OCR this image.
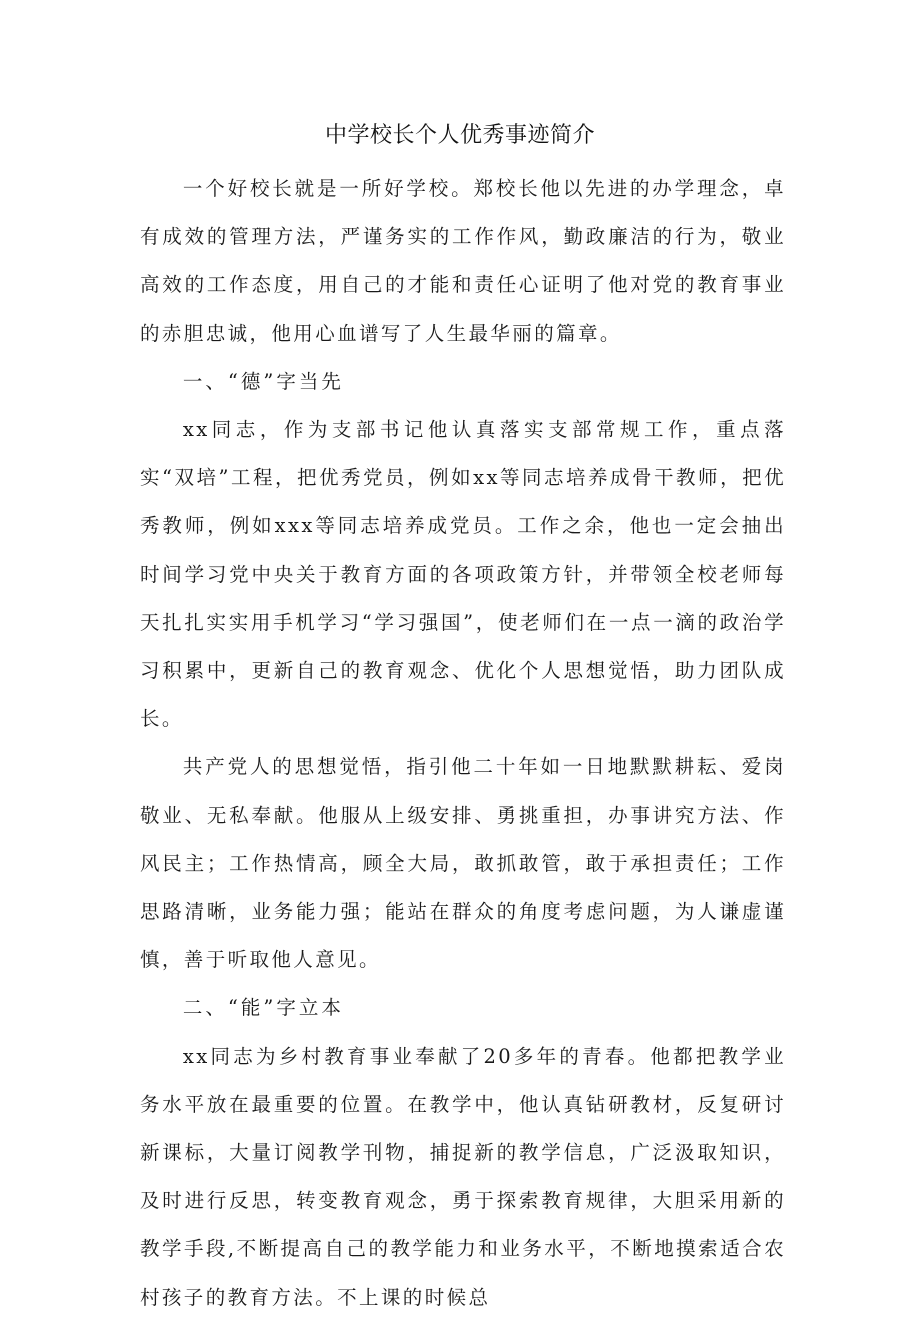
中学校长个人优秀事迹简介

一个好校长就是一所好学校。郑校长他以先进的办学理念，卓有成效的管理方法，严谨务实的工作作风，勤政廉洁的行为，敬业高效的工作态度，用自己的才能和责任心证明了他对党的教育事业的赤胆忠诚，他用心血谱写了人生最华丽的篇章。

一、“德”字当先

xx同志，作为支部书记他认真落实支部常规工作，重点落实“双培”工程，把优秀党员，例如xx等同志培养成骨干教师，把优秀教师，例如xxx等同志培养成党员。工作之余，他也一定会抽出时间学习党中央关于教育方面的各项政策方针，并带领全校老师每天扎扎实实用手机学习“学习强国”，使老师们在一点一滴的政治学习积累中，更新自己的教育观念、优化个人思想觉悟，助力团队成长。

共产党人的思想觉悟，指引他二十年如一日地默默耕耘、爱岗敬业、无私奉献。他服从上级安排、勇挑重担，办事讲究方法、作风民主；工作热情高，顾全大局，敢抓敢管，敢于承担责任；工作思路清晰，业务能力强；能站在群众的角度考虑问题，为人谦虚谨慎，善于听取他人意见。

二、“能”字立本

xx同志为乡村教育事业奉献了20多年的青春。他都把教学业务水平放在最重要的位置。在教学中，他认真钻研教材，反复研讨新课标，大量订阅教学刊物，捕捉新的教学信息，广泛汲取知识，及时进行反思，转变教育观念，勇于探索教育规律，大胆采用新的教学手段,不断提高自己的教学能力和业务水平，不断地摸索适合农村孩子的教育方法。不上课的时候总
